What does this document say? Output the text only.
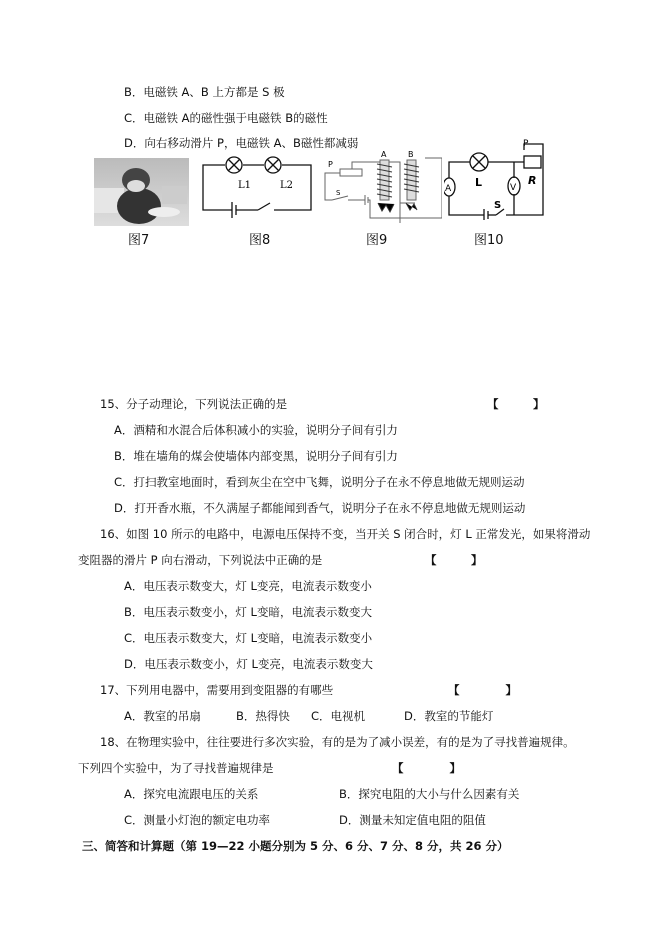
B．电磁铁 A、B 上方都是 S 极
C．电磁铁 A的磁性强于电磁铁 B的磁性
D．向右移动滑片 P，电磁铁 A、B磁性都减弱
图7
L1	L2
图8
P
S
A	B
图9
P
L	R
A	V
S
图10
15、分子动理论，下列说法正确的是	【　　　】
A．酒精和水混合后体积减小的实验，说明分子间有引力
B．堆在墙角的煤会使墙体内部变黑，说明分子间有引力
C．打扫教室地面时，看到灰尘在空中飞舞，说明分子在永不停息地做无规则运动
D．打开香水瓶，不久满屋子都能闻到香气，说明分子在永不停息地做无规则运动
16、如图 10 所示的电路中，电源电压保持不变，当开关 S 闭合时，灯 L 正常发光，如果将滑动
变阻器的滑片 P 向右滑动，下列说法中正确的是	【　　　】
A．电压表示数变大，灯 L变亮，电流表示数变小
B．电压表示数变小，灯 L变暗，电流表示数变大
C．电压表示数变大，灯 L变暗，电流表示数变小
D．电压表示数变小，灯 L变亮，电流表示数变大
17、下列用电器中，需要用到变阻器的有哪些	【　　　　】
A．教室的吊扇	B．热得快 C．电视机	D．教室的节能灯
18、在物理实验中，往往要进行多次实验，有的是为了减小误差，有的是为了寻找普遍规律。
下列四个实验中，为了寻找普遍规律是	【　　　　】
A．探究电流跟电压的关系	B．探究电阻的大小与什么因素有关
C．测量小灯泡的额定电功率	D．测量未知定值电阻的阻值
三、简答和计算题（第 19—22 小题分别为 5 分、6 分、7 分、8 分，共 26 分）
